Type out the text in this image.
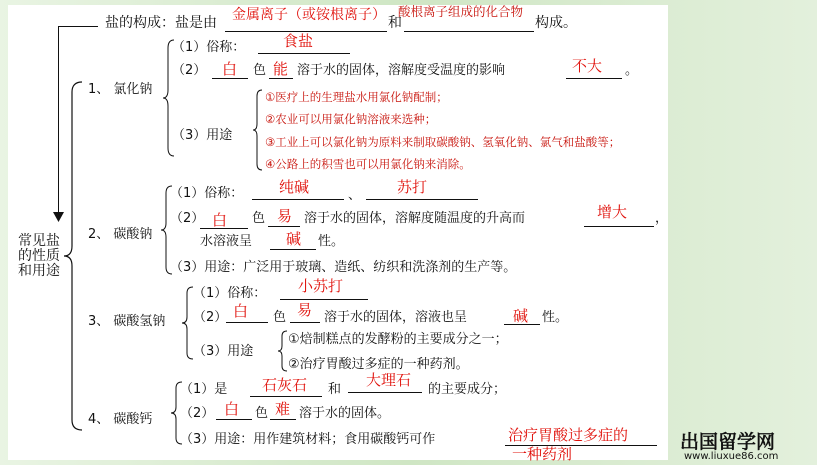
盐的构成：盐是由 金属离子（或铵根离子） 和
酸根离子组成的化合物
构成。
常见盐
的性质
和用途
1、 氯化钠
（1）俗称：	食盐
（2） 白 色 能 溶于水的固体，溶解度受温度的影响	不大 。
（3）用途
①医疗上的生理盐水用氯化钠配制；
②农业可以用氯化钠溶液来选种；
③工业上可以氯化钠为原料来制取碳酸钠、氢氧化钠、氯气和盐酸等；
④公路上的积雪也可以用氯化钠来消除。
2、 碳酸钠
（1）俗称： 纯碱	、 苏打
（2） 白 色 易 溶于水的固体，溶解度随温度的升高而	增大 ，
水溶液呈 碱 性。
（3）用途：广泛用于玻璃、造纸、纺织和洗涤剂的生产等。
3、 碳酸氢钠
（1）俗称： 小苏打
（2） 白 色 易 溶于水的固体，溶液也呈	碱 性。
（3）用途
①焙制糕点的发酵粉的主要成分之一；
②治疗胃酸过多症的一种药剂。
4、 碳酸钙
（1）是 石灰石 和
大理石
的主要成分；
（2） 白 色 难 溶于水的固体。
（3）用途：用作建筑材料；食用碳酸钙可作	治疗胃酸过多症的
一种药剂
出国留学网
www.liuxue86.com
